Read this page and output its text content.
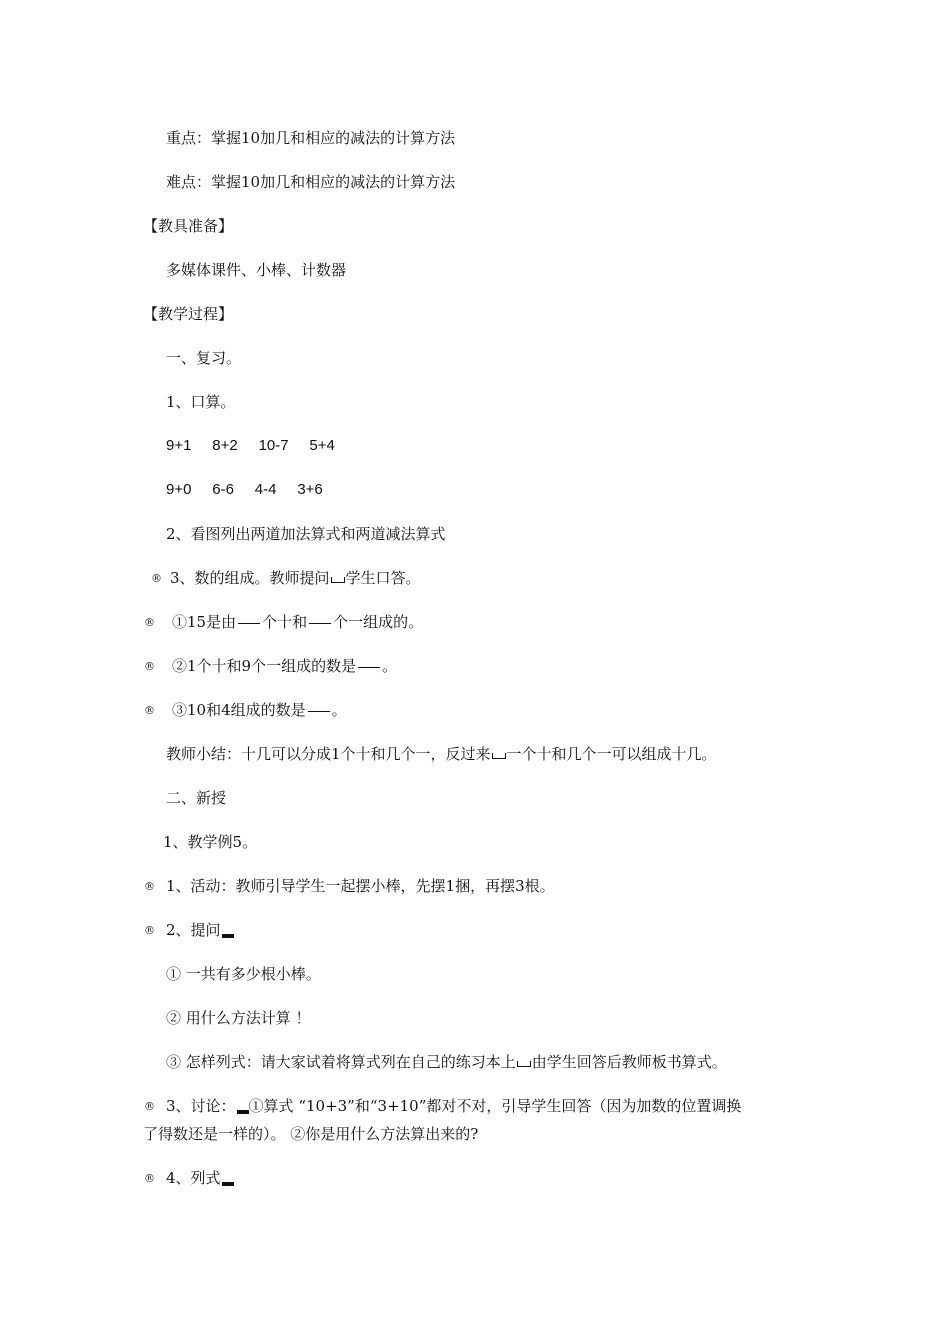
重点：掌握10加几和相应的减法的计算方法
难点：掌握10加几和相应的减法的计算方法
【教具准备】
多媒体课件、小棒、计数器
【教学过程】
一、复习。
1、口算。
9+1     8+2     10-7     5+4
9+0     6-6     4-4     3+6
2、看图列出两道加法算式和两道减法算式
® 3、数的组成。教师提问 学生口答。
® ①15是由 个十和 个一组成的。
® ②1个十和9个一组成的数是 。
® ③10和4组成的数是 。
教师小结：十几可以分成1个十和几个一，反过来 一个十和几个一可以组成十几。
二、新授
1、教学例5。
® 1、活动：教师引导学生一起摆小棒，先摆1捆，再摆3根。
® 2、提问
① 一共有多少根小棒。
② 用什么方法计算 ！
③ 怎样列式：请大家试着将算式列在自己的练习本上 由学生回答后教师板书算式。
® 3、讨论： ①算式 “10+3”和“3+10”都对不对，引导学生回答（因为加数的位置调换
了得数还是一样的）。 ②你是用什么方法算出来的?
® 4、列式
